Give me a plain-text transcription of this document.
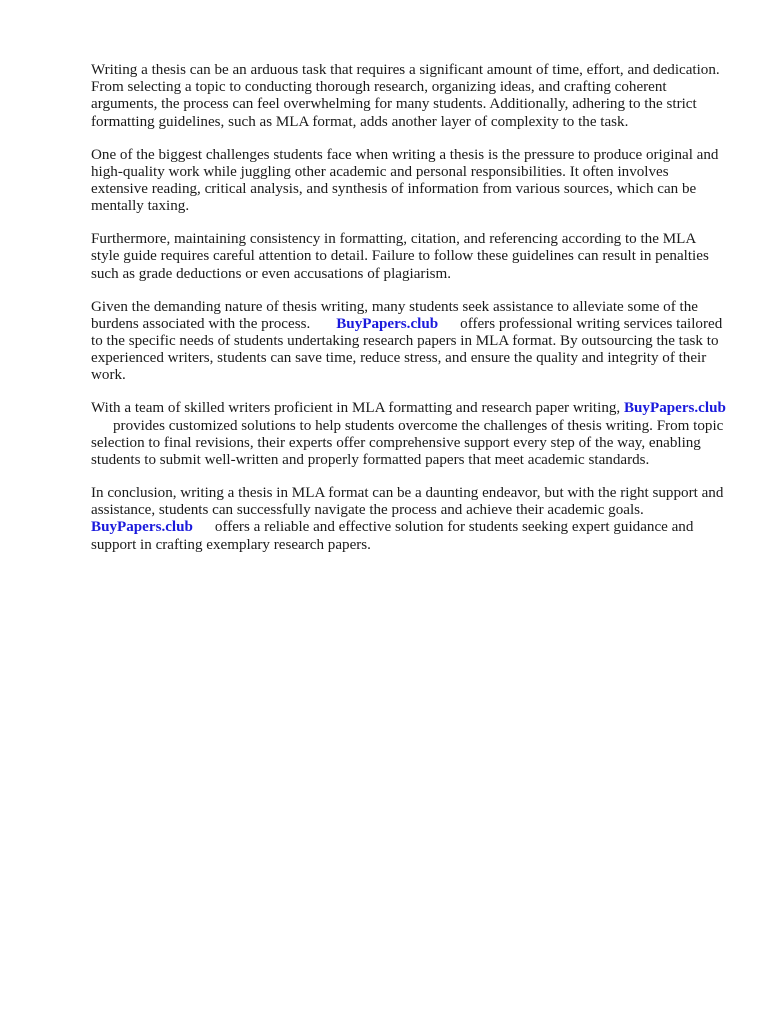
Writing a thesis can be an arduous task that requires a significant amount of time, effort, and dedication. From selecting a topic to conducting thorough research, organizing ideas, and crafting coherent arguments, the process can feel overwhelming for many students. Additionally, adhering to the strict formatting guidelines, such as MLA format, adds another layer of complexity to the task.

One of the biggest challenges students face when writing a thesis is the pressure to produce original and high-quality work while juggling other academic and personal responsibilities. It often involves extensive reading, critical analysis, and synthesis of information from various sources, which can be mentally taxing.

Furthermore, maintaining consistency in formatting, citation, and referencing according to the MLA style guide requires careful attention to detail. Failure to follow these guidelines can result in penalties such as grade deductions or even accusations of plagiarism.

Given the demanding nature of thesis writing, many students seek assistance to alleviate some of the burdens associated with the process. BuyPapers.club offers professional writing services tailored to the specific needs of students undertaking research papers in MLA format. By outsourcing the task to experienced writers, students can save time, reduce stress, and ensure the quality and integrity of their work.

With a team of skilled writers proficient in MLA formatting and research paper writing, BuyPapers.clubprovides customized solutions to help students overcome the challenges of thesis writing. From topic selection to final revisions, their experts offer comprehensive support every step of the way, enabling students to submit well-written and properly formatted papers that meet academic standards.

In conclusion, writing a thesis in MLA format can be a daunting endeavor, but with the right support and assistance, students can successfully navigate the process and achieve their academic goals. BuyPapers.club offers a reliable and effective solution for students seeking expert guidance and support in crafting exemplary research papers.
